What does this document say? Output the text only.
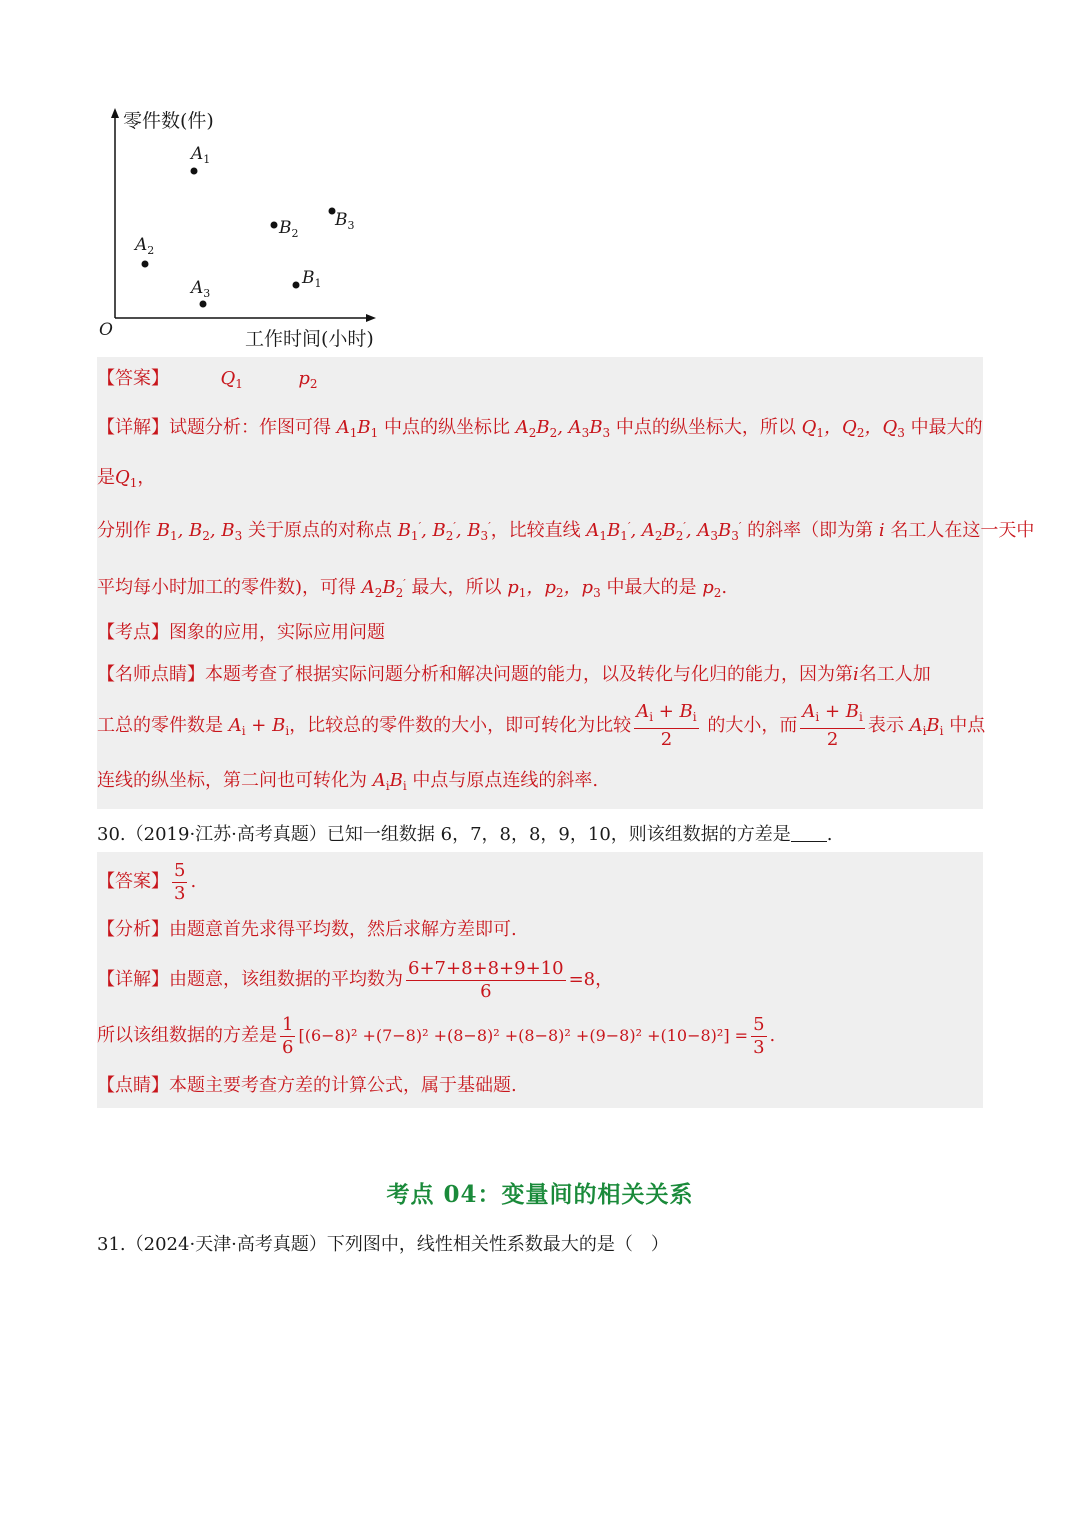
零件数(件)
工作时间(小时)
O
$A_1$
$A_2$
$A_3$
$B_1$
$B_2$
$B_3$
【答案】	$Q_1$	$p_2$
【详解】试题分析：作图可得 $A_1B_1$ 中点的纵坐标比 $A_2B_2$, $A_3B_3$ 中点的纵坐标大，所以 $Q_1$，$Q_2$，$Q_3$ 中最大的
是$Q_1$，
分别作 $B_1$, $B_2$, $B_3$ 关于原点的对称点 $B_1'$, $B_2'$, $B_3'$，比较直线 $A_1B_1'$, $A_2B_2'$, $A_3B_3'$ 的斜率（即为第 i 名工人在这一天中
平均每小时加工的零件数)，可得 $A_2B_2'$ 最大，所以 $p_1$，$p_2$，$p_3$ 中最大的是 $p_2$.
【考点】图象的应用，实际应用问题
【名师点睛】本题考查了根据实际问题分析和解决问题的能力，以及转化与化归的能力，因为第i名工人加
工总的零件数是 $A_i + B_i$，比较总的零件数的大小，即可转化为比较 $\frac{A_i + B_i}{2}$ 的大小，而 $\frac{A_i + B_i}{2}$ 表示 $A_iB_i$ 中点
连线的纵坐标，第二问也可转化为 $A_iB_i$ 中点与原点连线的斜率.
30.（2019·江苏·高考真题）已知一组数据 6，7，8，8，9，10，则该组数据的方差是 .
【答案】 $\frac{5}{3}$ .
【分析】由题意首先求得平均数，然后求解方差即可.
【详解】由题意，该组数据的平均数为 $\frac{6+7+8+8+9+10}{6} =8$，
所以该组数据的方差是 $\frac{1}{6} [(6-8)^2 +(7-8)^2 +(8-8)^2 +(8-8)^2 +(9-8)^2 +(10-8)^2] = \frac{5}{3}$ .
【点睛】本题主要考查方差的计算公式，属于基础题.
考点 04：变量间的相关关系
31.（2024·天津·高考真题）下列图中，线性相关性系数最大的是（　）
